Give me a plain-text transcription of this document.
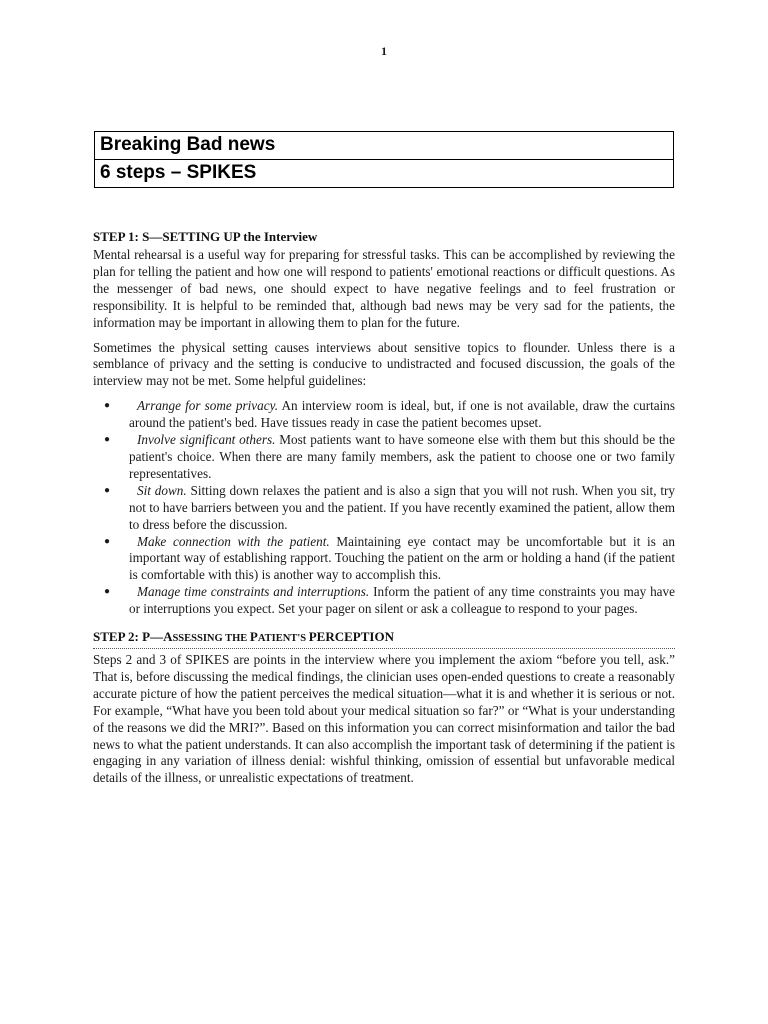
1
Breaking Bad news
6 steps – SPIKES
STEP 1: S—SETTING UP the Interview

Mental rehearsal is a useful way for preparing for stressful tasks. This can be accomplished by reviewing the plan for telling the patient and how one will respond to patients' emotional reactions or difficult questions. As the messenger of bad news, one should expect to have negative feelings and to feel frustration or responsibility. It is helpful to be reminded that, although bad news may be very sad for the patients, the information may be important in allowing them to plan for the future.

Sometimes the physical setting causes interviews about sensitive topics to flounder. Unless there is a semblance of privacy and the setting is conducive to undistracted and focused discussion, the goals of the interview may not be met. Some helpful guidelines:

● Arrange for some privacy. An interview room is ideal, but, if one is not available, draw the curtains around the patient's bed. Have tissues ready in case the patient becomes upset.
● Involve significant others. Most patients want to have someone else with them but this should be the patient's choice. When there are many family members, ask the patient to choose one or two family representatives.
● Sit down. Sitting down relaxes the patient and is also a sign that you will not rush. When you sit, try not to have barriers between you and the patient. If you have recently examined the patient, allow them to dress before the discussion.
● Make connection with the patient. Maintaining eye contact may be uncomfortable but it is an important way of establishing rapport. Touching the patient on the arm or holding a hand (if the patient is comfortable with this) is another way to accomplish this.
● Manage time constraints and interruptions. Inform the patient of any time constraints you may have or interruptions you expect. Set your pager on silent or ask a colleague to respond to your pages.
STEP 2: P—ASSESSING THE PATIENT'S PERCEPTION

Steps 2 and 3 of SPIKES are points in the interview where you implement the axiom “before you tell, ask.” That is, before discussing the medical findings, the clinician uses open-ended questions to create a reasonably accurate picture of how the patient perceives the medical situation—what it is and whether it is serious or not. For example, “What have you been told about your medical situation so far?” or “What is your understanding of the reasons we did the MRI?”. Based on this information you can correct misinformation and tailor the bad news to what the patient understands. It can also accomplish the important task of determining if the patient is engaging in any variation of illness denial: wishful thinking, omission of essential but unfavorable medical details of the illness, or unrealistic expectations of treatment.
